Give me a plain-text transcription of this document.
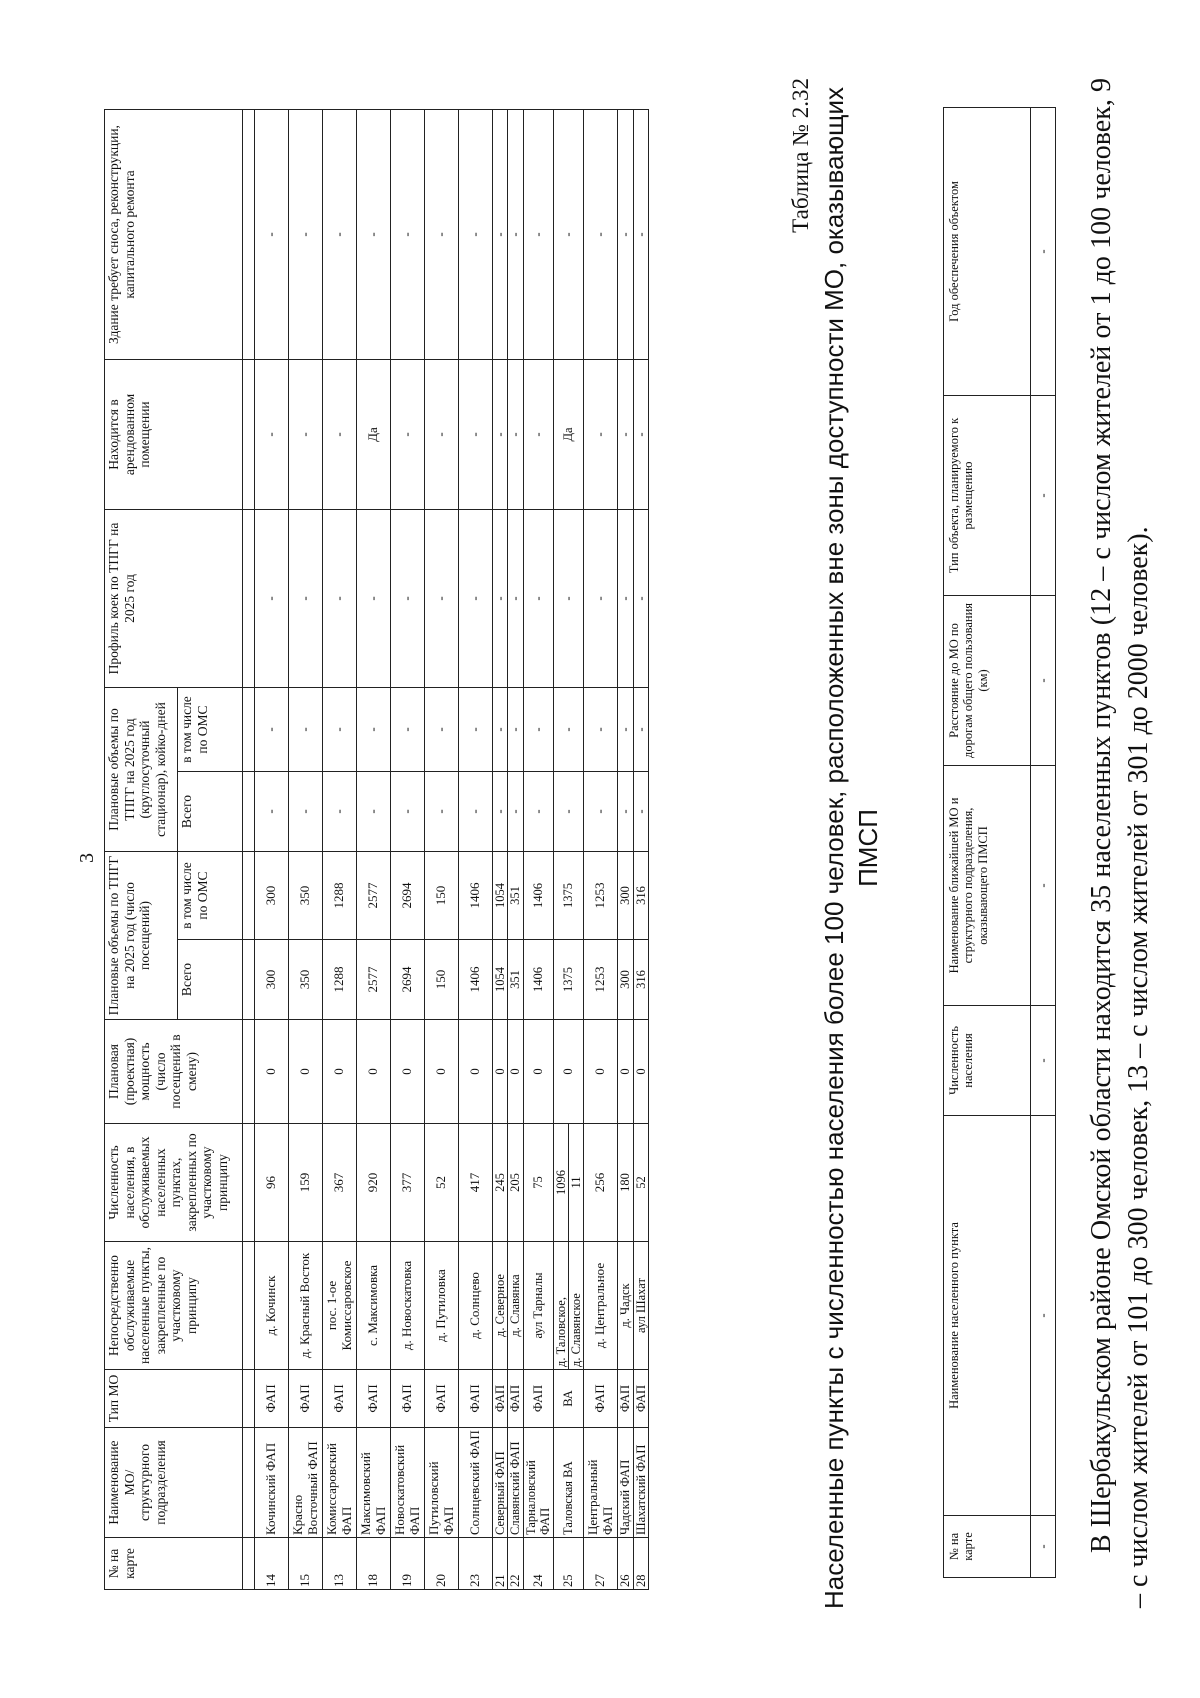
3
№ на карте	Наименование МО/ структурного подразделения	Тип МО	Непосредственно обслуживаемые населенные пункты, закрепленные по участковому принципу	Численность населения, в обслуживаемых населенных пунктах, закрепленных по участковому принципу	Плановая (проектная) мощность (число посещений в смену)	Плановые объемы по ТПГГ на 2025 год (число посещений)		Плановые объемы по ТПГГ на 2025 год (круглосуточный стационар), койко-дней		Профиль коек по ТПГГ на 2025 год	Находится в арендованном помещении	Здание требует сноса, реконструкции, капитального ремонта
						Всего	в том числе по ОМС	Всего	в том числе по ОМС			

14	Кочинский ФАП	ФАП	д. Кочинск	96	0	300	300	-	-	-	-	-
15	Красно Восточный ФАП	ФАП	д. Красный Восток	159	0	350	350	-	-	-	-	-
13	Комиссаровский ФАП	ФАП	пос. 1-ое Комиссаровское	367	0	1288	1288	-	-	-	-	-
18	Максимовский ФАП	ФАП	с. Максимовка	920	0	2577	2577	-	-	-	Да	-
19	Новоскатовский ФАП	ФАП	д. Новоскатовка	377	0	2694	2694	-	-	-	-	-
20	Путиловский ФАП	ФАП	д. Путиловка	52	0	150	150	-	-	-	-	-
23	Солнцевский ФАП	ФАП	д. Солнцево	417	0	1406	1406	-	-	-	-	-
21	Северный ФАП	ФАП	д. Северное	245	0	1054	1054	-	-	-	-	-
22	Славянский ФАП	ФАП	д. Славянка	205	0	351	351	-	-	-	-	-
24	Тарналовский ФАП	ФАП	аул Тарналы	75	0	1406	1406	-	-	-	-	-
25	Таловская ВА	ВА	д. Таловское,	1096	0	1375	1375	-	-	-	Да	-
			д. Славянское	11								
27	Центральный ФАП	ФАП	д. Центральное	256	0	1253	1253	-	-	-	-	-
26	Чадский ФАП	ФАП	д. Чадск	180	0	300	300	-	-	-	-	-
28	Шахатский ФАП	ФАП	аул Шахат	52	0	316	316	-	-	-	-	-
Таблица № 2.32 Населенные пункты с численностью населения более 100 человек, расположенных вне зоны доступности МО, оказывающих ПМСП
№ на карте	Наименование населенного пункта	Численность населения	Наименование ближайшей МО и структурного подразделения, оказывающего ПМСП	Расстояние до МО по дорогам общего пользования (км)	Тип объекта, планируемого к размещению	Год обеспечения объектом
-	-	-	-	-	-	- В Шербакульском районе Омской области находится 35 населенных пунктов (12 – с числом жителей от 1 до 100 человек, 9 – с числом жителей от 101 до 300 человек, 13 – с числом жителей от 301 до 2000 человек).
